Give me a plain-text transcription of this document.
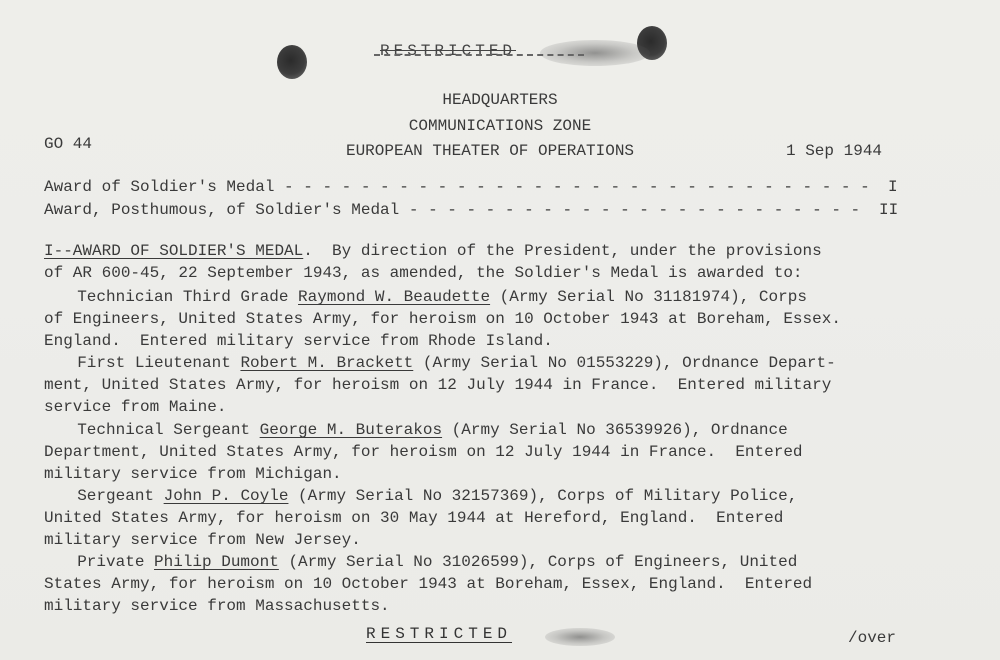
RESTRICTED
HEADQUARTERS
COMMUNICATIONS ZONE
EUROPEAN THEATER OF OPERATIONS
GO 44	1 Sep 1944
Award of Soldier's Medal - - - - - - - - - - - - - - - - - - - - - - - - - - - - - - - I
Award, Posthumous, of Soldier's Medal - - - - - - - - - - - - - - - - - - - - - - - - II
I--AWARD OF SOLDIER'S MEDAL.  By direction of the President, under the provisions
of AR 600-45, 22 September 1943, as amended, the Soldier's Medal is awarded to:
Technician Third Grade Raymond W. Beaudette (Army Serial No 31181974), Corps
of Engineers, United States Army, for heroism on 10 October 1943 at Boreham, Essex.
England.  Entered military service from Rhode Island.
First Lieutenant Robert M. Brackett (Army Serial No 01553229), Ordnance Depart-
ment, United States Army, for heroism on 12 July 1944 in France.  Entered military
service from Maine.
Technical Sergeant George M. Buterakos (Army Serial No 36539926), Ordnance
Department, United States Army, for heroism on 12 July 1944 in France.  Entered
military service from Michigan.
Sergeant John P. Coyle (Army Serial No 32157369), Corps of Military Police,
United States Army, for heroism on 30 May 1944 at Hereford, England.  Entered
military service from New Jersey.
Private Philip Dumont (Army Serial No 31026599), Corps of Engineers, United
States Army, for heroism on 10 October 1943 at Boreham, Essex, England.  Entered
military service from Massachusetts.
RESTRICTED	/over
